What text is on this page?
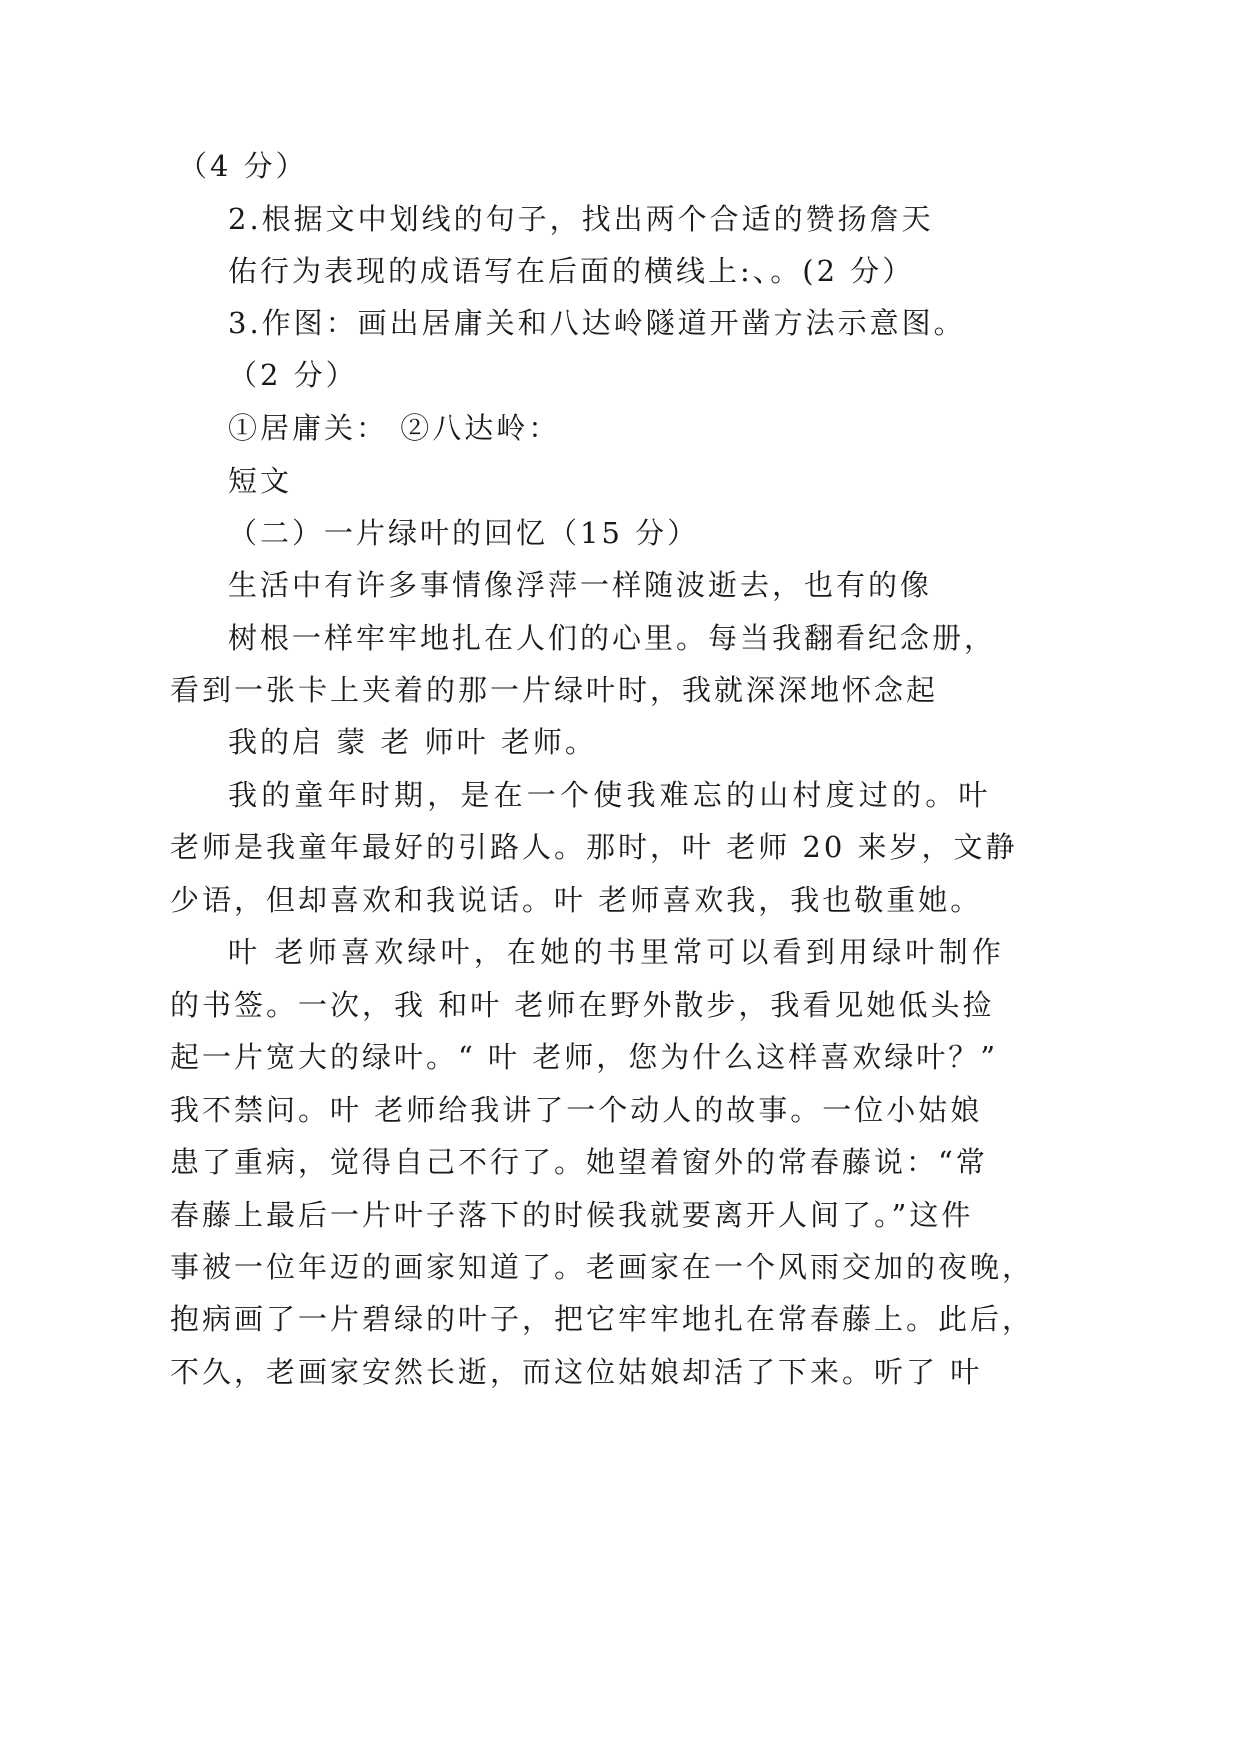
（4 分）
2.根据文中划线的句子，找出两个合适的赞扬詹天
佑行为表现的成语写在后面的横线上:、。(2 分）
3.作图：画出居庸关和八达岭隧道开凿方法示意图。
（2 分）
①居庸关： ②八达岭：
短文
（二）一片绿叶的回忆（15 分）
生活中有许多事情像浮萍一样随波逝去，也有的像
树根一样牢牢地扎在人们的心里。每当我翻看纪念册，
看到一张卡上夹着的那一片绿叶时，我就深深地怀念起
我的启 蒙 老 师叶 老师。
我的童年时期，是在一个使我难忘的山村度过的。叶
老师是我童年最好的引路人。那时，叶 老师 20 来岁，文静
少语，但却喜欢和我说话。叶 老师喜欢我，我也敬重她。
叶 老师喜欢绿叶，在她的书里常可以看到用绿叶制作
的书签。一次，我 和叶 老师在野外散步，我看见她低头捡
起一片宽大的绿叶。“ 叶 老师，您为什么这样喜欢绿叶？”
我不禁问。叶 老师给我讲了一个动人的故事。一位小姑娘
患了重病，觉得自己不行了。她望着窗外的常春藤说：“常
春藤上最后一片叶子落下的时候我就要离开人间了。”这件
事被一位年迈的画家知道了。老画家在一个风雨交加的夜晚，
抱病画了一片碧绿的叶子，把它牢牢地扎在常春藤上。此后，
不久，老画家安然长逝，而这位姑娘却活了下来。听了 叶
